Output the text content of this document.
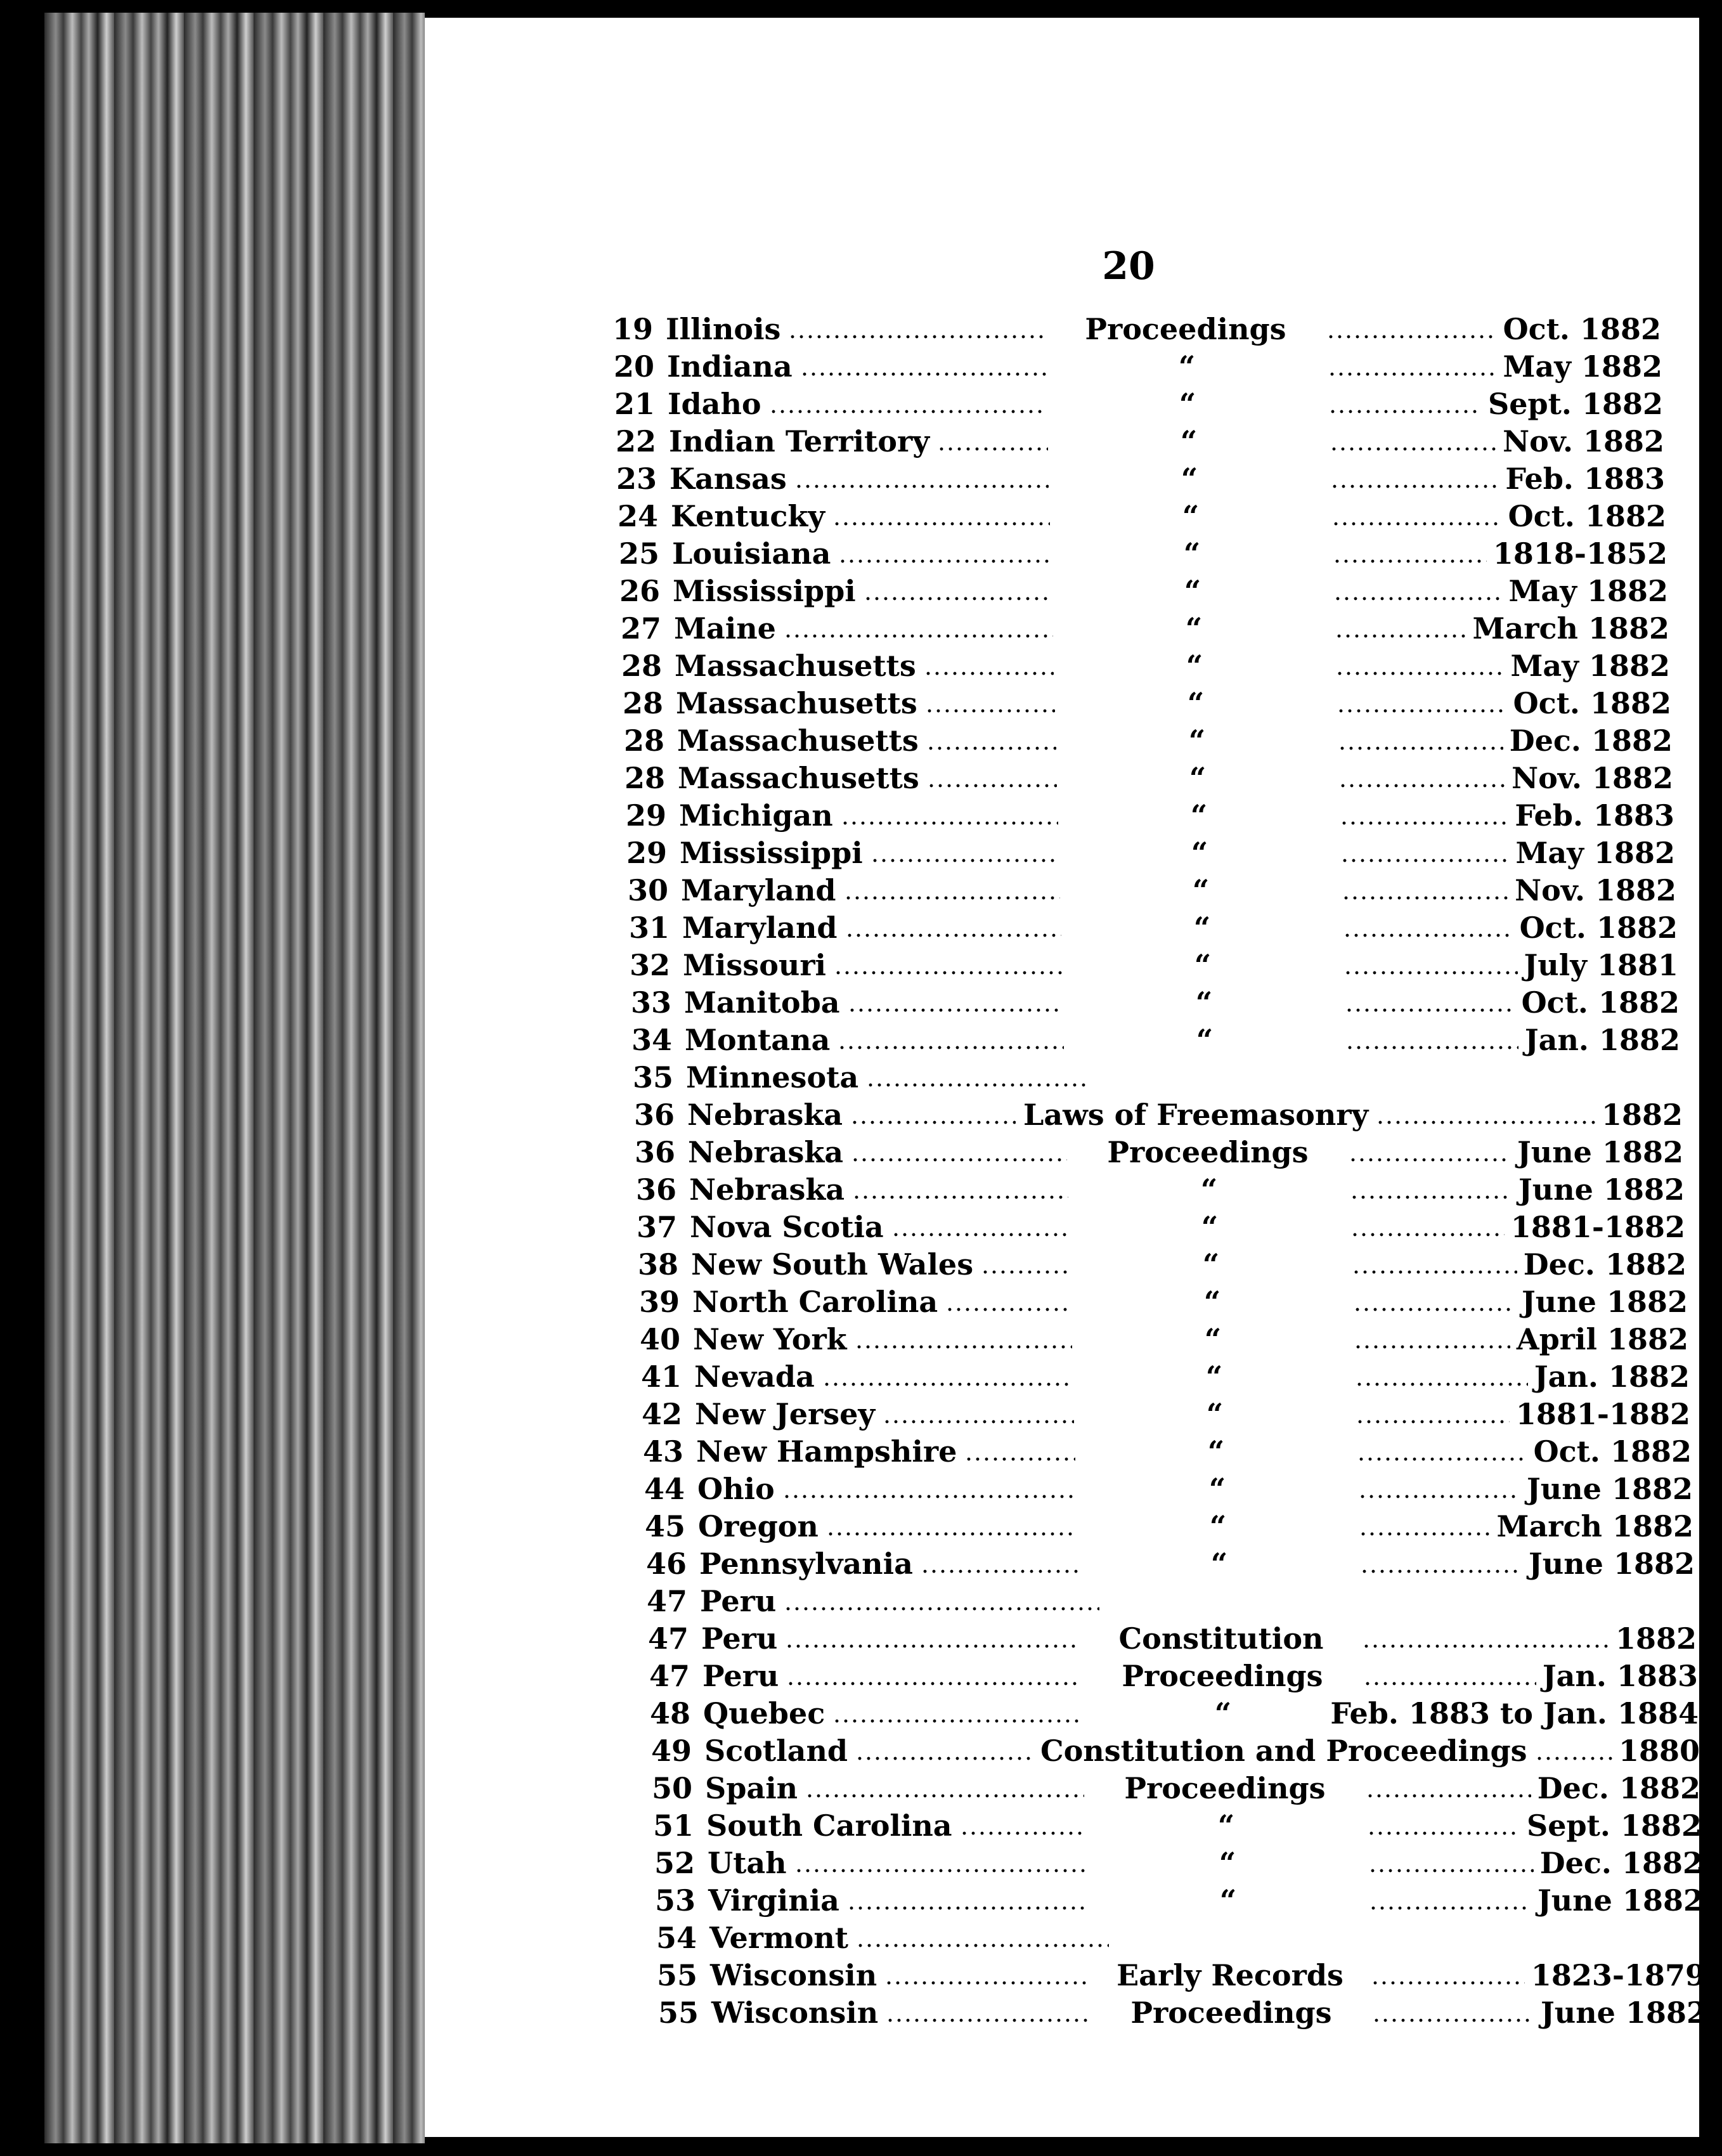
20
19 Illinois	Proceedings	Oct. 1882
20 Indiana	“	May 1882
21 Idaho	“	Sept. 1882
22 Indian Territory	“	Nov. 1882
23 Kansas	“	Feb. 1883
24 Kentucky	“	Oct. 1882
25 Louisiana	“	1818-1852
26 Mississippi	“	May 1882
27 Maine	“	March 1882
28 Massachusetts	“	May 1882
28 Massachusetts	“	Oct. 1882
28 Massachusetts	“	Dec. 1882
28 Massachusetts	“	Nov. 1882
29 Michigan	“	Feb. 1883
29 Mississippi	“	May 1882
30 Maryland	“	Nov. 1882
31 Maryland	“	Oct. 1882
32 Missouri	“	July 1881
33 Manitoba	“	Oct. 1882
34 Montana	“	Jan. 1882
35 Minnesota
36 Nebraska	Laws of Freemasonry	1882
36 Nebraska	Proceedings	June 1882
36 Nebraska	“	June 1882
37 Nova Scotia	“	1881-1882
38 New South Wales	“	Dec. 1882
39 North Carolina	“	June 1882
40 New York	“	April 1882
41 Nevada	“	Jan. 1882
42 New Jersey	“	1881-1882
43 New Hampshire	“	Oct. 1882
44 Ohio	“	June 1882
45 Oregon	“	March 1882
46 Pennsylvania	“	June 1882
47 Peru
47 Peru	Constitution	1882
47 Peru	Proceedings	Jan. 1883
48 Quebec	“	Feb. 1883 to Jan. 1884
49 Scotland	Constitution and Proceedings	1880
50 Spain	Proceedings	Dec. 1882
51 South Carolina	“	Sept. 1882
52 Utah	“	Dec. 1882
53 Virginia	“	June 1882
54 Vermont
55 Wisconsin	Early Records	1823-1879
55 Wisconsin	Proceedings	June 1882
